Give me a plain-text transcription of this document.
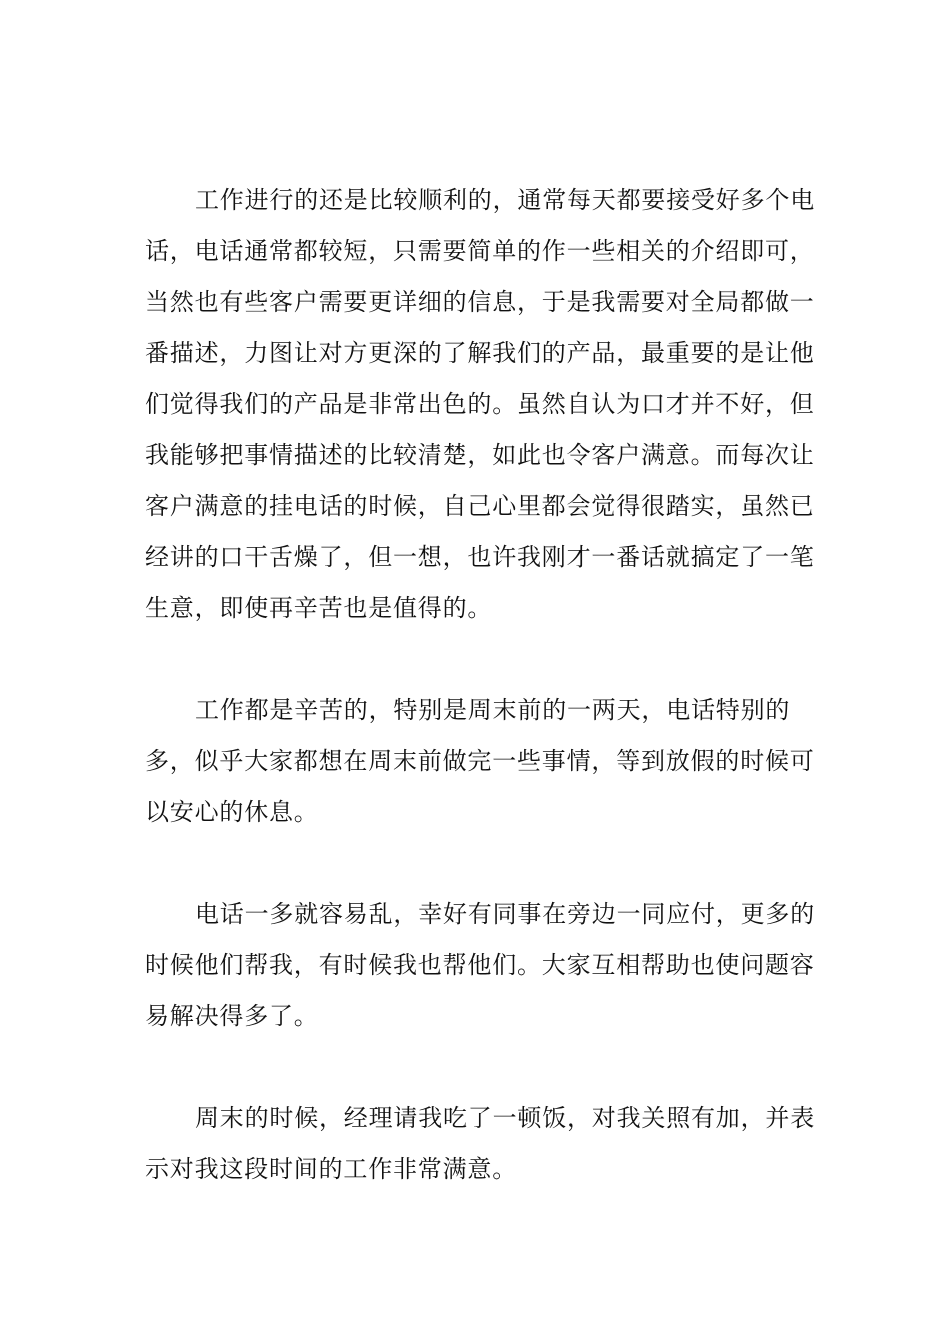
工作进行的还是比较顺利的，通常每天都要接受好多个电话，电话通常都较短，只需要简单的作一些相关的介绍即可，当然也有些客户需要更详细的信息，于是我需要对全局都做一番描述，力图让对方更深的了解我们的产品，最重要的是让他们觉得我们的产品是非常出色的。虽然自认为口才并不好，但我能够把事情描述的比较清楚，如此也令客户满意。而每次让客户满意的挂电话的时候，自己心里都会觉得很踏实，虽然已经讲的口干舌燥了，但一想，也许我刚才一番话就搞定了一笔生意，即使再辛苦也是值得的。

工作都是辛苦的，特别是周末前的一两天，电话特别的多，似乎大家都想在周末前做完一些事情，等到放假的时候可以安心的休息。

电话一多就容易乱，幸好有同事在旁边一同应付，更多的时候他们帮我，有时候我也帮他们。大家互相帮助也使问题容易解决得多了。

周末的时候，经理请我吃了一顿饭，对我关照有加，并表示对我这段时间的工作非常满意。
